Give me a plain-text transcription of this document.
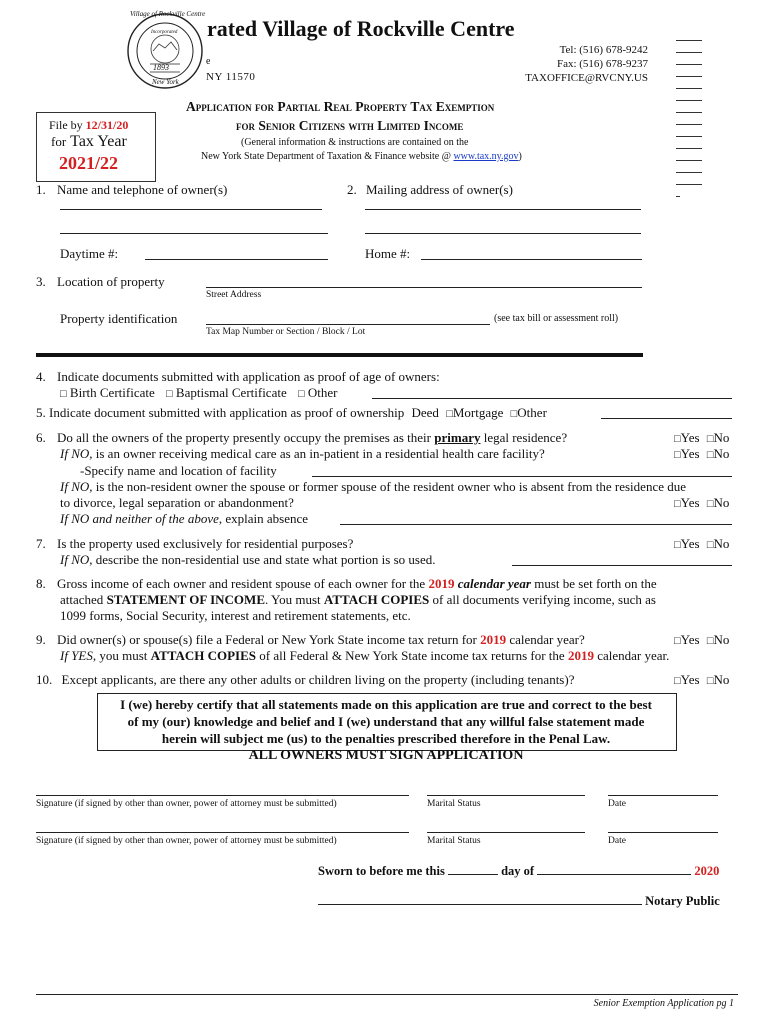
Village of Rockville Centre
Incorporated
1893
New York
rated Village of Rockville Centre
e
NY 11570
Tel: (516) 678-9242
Fax: (516) 678-9237
TAXOFFICE@RVCNY.US
File by 12/31/20
for Tax Year
2021/22
Application for Partial Real Property Tax Exemption
for Senior Citizens with Limited Income
(General information & instructions are contained on the
New York State Department of Taxation & Finance website @ www.tax.ny.gov)
1. Name and telephone of owner(s)	2. Mailing address of owner(s)
Daytime #:	Home #:
3. Location of property
Street Address
Property identification	(see tax bill or assessment roll)
Tax Map Number or Section / Block / Lot
4. Indicate documents submitted with application as proof of age of owners:
□ Birth Certificate □ Baptismal Certificate □ Other
5. Indicate document submitted with application as proof of ownership Deed □Mortgage □Other
6. Do all the owners of the property presently occupy the premises as their primary legal residence?	□Yes □No
If NO, is an owner receiving medical care as an in-patient in a residential health care facility?	□Yes □No
-Specify name and location of facility
If NO, is the non-resident owner the spouse or former spouse of the resident owner who is absent from the residence due
to divorce, legal separation or abandonment?	□Yes □No
If NO and neither of the above, explain absence
7. Is the property used exclusively for residential purposes?	□Yes □No
If NO, describe the non-residential use and state what portion is so used.
8. Gross income of each owner and resident spouse of each owner for the 2019 calendar year must be set forth on the
attached STATEMENT OF INCOME. You must ATTACH COPIES of all documents verifying income, such as
1099 forms, Social Security, interest and retirement statements, etc.
9. Did owner(s) or spouse(s) file a Federal or New York State income tax return for 2019 calendar year?	□Yes □No
If YES, you must ATTACH COPIES of all Federal & New York State income tax returns for the 2019 calendar year.
10. Except applicants, are there any other adults or children living on the property (including tenants)?	□Yes □No
I (we) hereby certify that all statements made on this application are true and correct to the best
of my (our) knowledge and belief and I (we) understand that any willful false statement made
herein will subject me (us) to the penalties prescribed therefore in the Penal Law.
ALL OWNERS MUST SIGN APPLICATION
Signature (if signed by other than owner, power of attorney must be submitted)	Marital Status	Date
Signature (if signed by other than owner, power of attorney must be submitted)	Marital Status	Date
Sworn to before me this	day of	2020
Notary Public
Senior Exemption Application pg 1
